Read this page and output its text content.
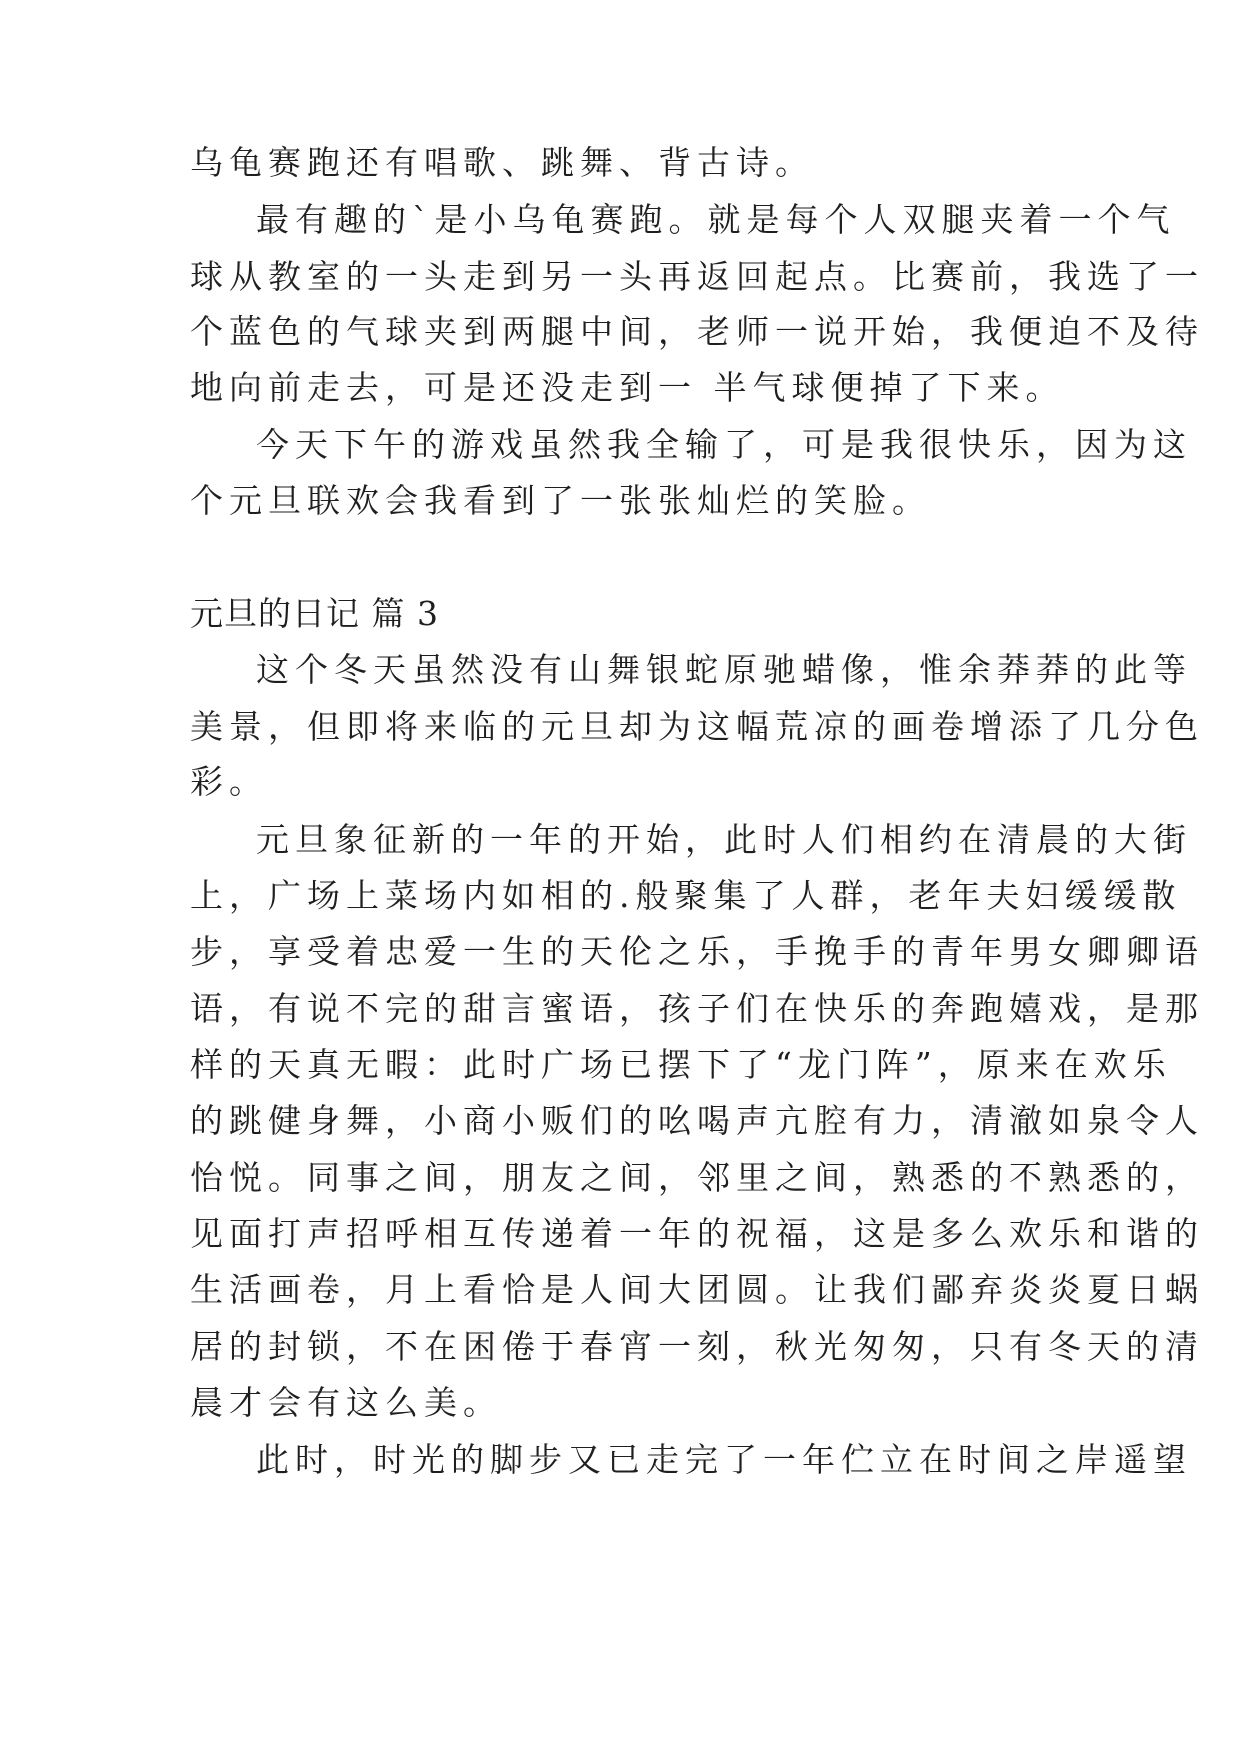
乌龟赛跑还有唱歌、跳舞、背古诗。
最有趣的`是小乌龟赛跑。就是每个人双腿夹着一个气
球从教室的一头走到另一头再返回起点。比赛前，我选了一
个蓝色的气球夹到两腿中间，老师一说开始，我便迫不及待
地向前走去，可是还没走到一 半气球便掉了下来。
今天下午的游戏虽然我全输了，可是我很快乐，因为这
个元旦联欢会我看到了一张张灿烂的笑脸。
元旦的日记 篇 3
这个冬天虽然没有山舞银蛇原驰蜡像，惟余莽莽的此等
美景，但即将来临的元旦却为这幅荒凉的画卷增添了几分色
彩。
元旦象征新的一年的开始，此时人们相约在清晨的大街
上，广场上菜场内如相的.般聚集了人群，老年夫妇缓缓散
步，享受着忠爱一生的天伦之乐，手挽手的青年男女卿卿语
语，有说不完的甜言蜜语，孩子们在快乐的奔跑嬉戏，是那
样的天真无暇：此时广场已摆下了“龙门阵”，原来在欢乐
的跳健身舞，小商小贩们的吆喝声亢腔有力，清澈如泉令人
怡悦。同事之间，朋友之间，邻里之间，熟悉的不熟悉的，
见面打声招呼相互传递着一年的祝福，这是多么欢乐和谐的
生活画卷，月上看恰是人间大团圆。让我们鄙弃炎炎夏日蜗
居的封锁，不在困倦于春宵一刻，秋光匆匆，只有冬天的清
晨才会有这么美。
此时，时光的脚步又已走完了一年伫立在时间之岸遥望
